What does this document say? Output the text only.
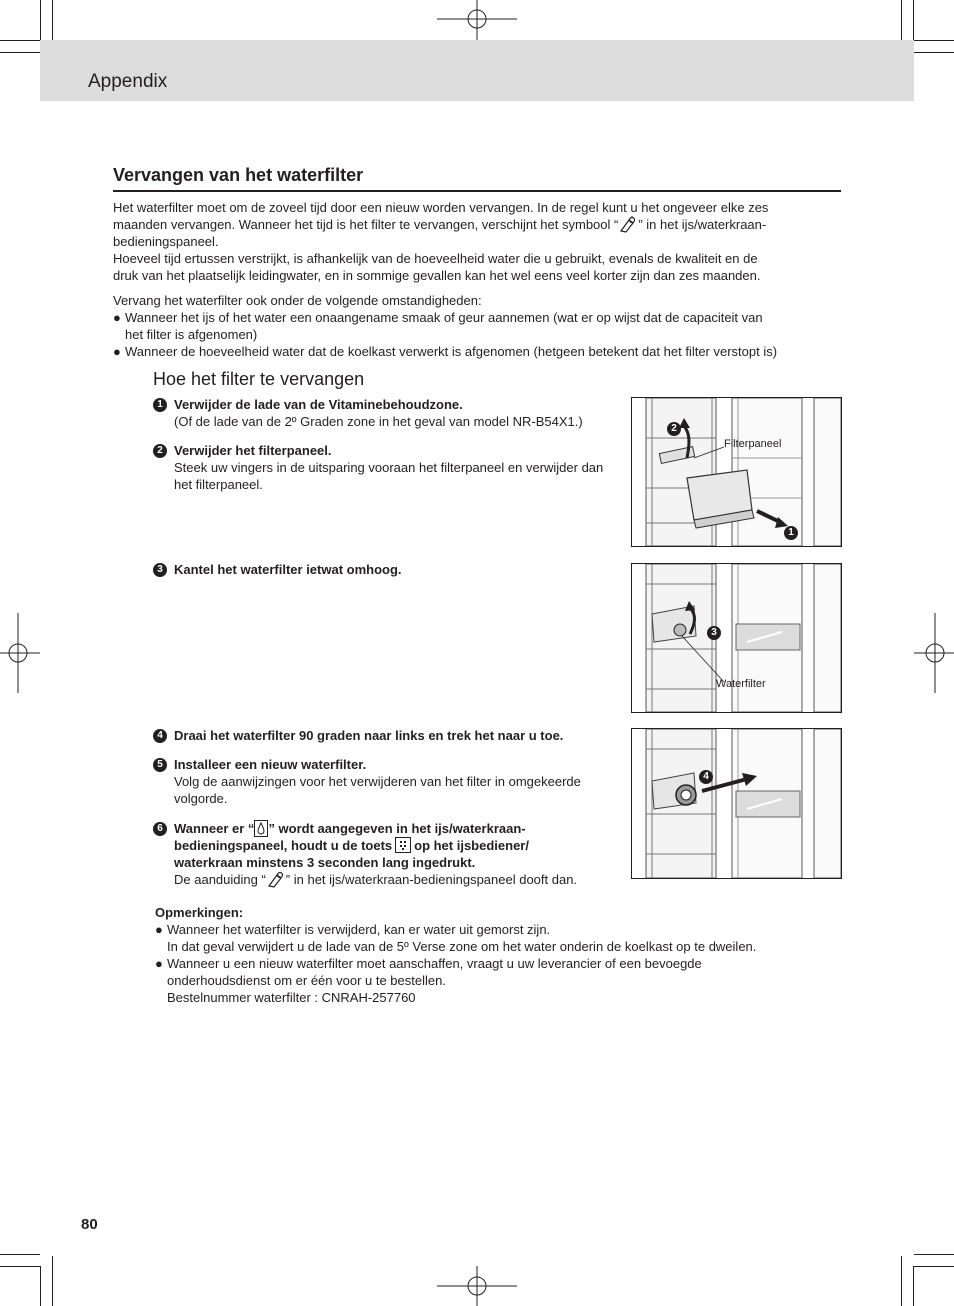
Appendix
Vervangen van het waterfilter
Het waterfilter moet om de zoveel tijd door een nieuw worden vervangen. In de regel kunt u het ongeveer elke zes
maanden vervangen. Wanneer het tijd is het filter te vervangen, verschijnt het symbool “ ” in het ijs/waterkraan-
bedieningspaneel.
Hoeveel tijd ertussen verstrijkt, is afhankelijk van de hoeveelheid water die u gebruikt, evenals de kwaliteit en de
druk van het plaatselijk leidingwater, en in sommige gevallen kan het wel eens veel korter zijn dan zes maanden.
Vervang het waterfilter ook onder de volgende omstandigheden:
● Wanneer het ijs of het water een onaangename smaak of geur aannemen (wat er op wijst dat de capaciteit van
het filter is afgenomen)
● Wanneer de hoeveelheid water dat de koelkast verwerkt is afgenomen (hetgeen betekent dat het filter verstopt is)
Hoe het filter te vervangen
1 Verwijder de lade van de Vitaminebehoudzone.
(Of de lade van de 2º Graden zone in het geval van model NR-B54X1.)
2 Verwijder het filterpaneel.
Steek uw vingers in de uitsparing vooraan het filterpaneel en verwijder dan het filterpaneel.
3 Kantel het waterfilter ietwat omhoog.
4 Draai het waterfilter 90 graden naar links en trek het naar u toe.
5 Installeer een nieuw waterfilter.
Volg de aanwijzingen voor het verwijderen van het filter in omgekeerde volgorde.
6 Wanneer er “ ” wordt aangegeven in het ijs/waterkraan-
bedieningspaneel, houdt u de toets op het ijsbediener/
waterkraan minstens 3 seconden lang ingedrukt.
De aanduiding “ ” in het ijs/waterkraan-bedieningspaneel dooft dan.
Filterpaneel
2
1
Waterfilter
3
4
Opmerkingen:
● Wanneer het waterfilter is verwijderd, kan er water uit gemorst zijn.
In dat geval verwijdert u de lade van de 5º Verse zone om het water onderin de koelkast op te dweilen.
● Wanneer u een nieuw waterfilter moet aanschaffen, vraagt u uw leverancier of een bevoegde
onderhoudsdienst om er één voor u te bestellen.
Bestelnummer waterfilter : CNRAH-257760
80
